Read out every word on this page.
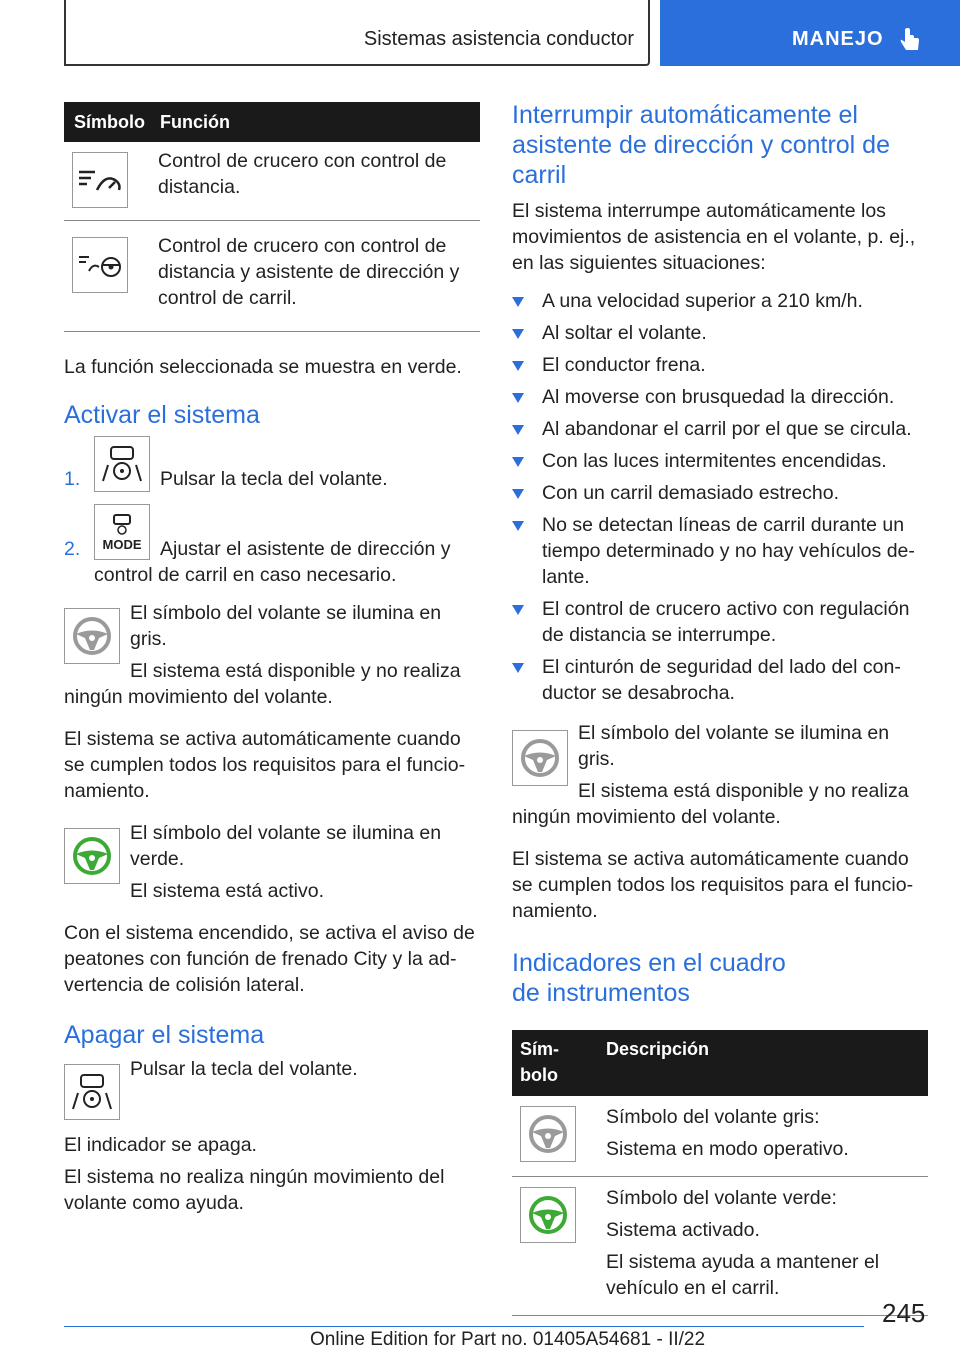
Sistemas asistencia conductor	MANEJO
Símbolo	Función

	Control de crucero con control de distancia.

	Control de crucero con control de distancia y asistente de dirección y control de carril.

La función seleccionada se muestra en verde.

Activar el sistema
1.	Pulsar la tecla del volante.
2. MODE Ajustar el asistente de dirección y control de carril en caso necesario.

El símbolo del volante se ilumina en gris.

El sistema está disponible y no realiza ningún movimiento del volante.

El sistema se activa automáticamente cuando se cumplen todos los requisitos para el funcionamiento.

El símbolo del volante se ilumina en verde.

El sistema está activo.

Con el sistema encendido, se activa el aviso de peatones con función de frenado City y la advertencia de colisión lateral.

Apagar el sistema

Pulsar la tecla del volante.

El indicador se apaga.

El sistema no realiza ningún movimiento del volante como ayuda.

Interrumpir automáticamente el asistente de dirección y control de carril

El sistema interrumpe automáticamente los movimientos de asistencia en el volante, p. ej., en las siguientes situaciones:

A una velocidad superior a 210 km/h.
Al soltar el volante.
El conductor frena.
Al moverse con brusquedad la dirección.
Al abandonar el carril por el que se circula.
Con las luces intermitentes encendidas.
Con un carril demasiado estrecho.
No se detectan líneas de carril durante un tiempo determinado y no hay vehículos delante.
El control de crucero activo con regulación de distancia se interrumpe.
El cinturón de seguridad del lado del conductor se desabrocha.

El símbolo del volante se ilumina en gris.

El sistema está disponible y no realiza ningún movimiento del volante.

El sistema se activa automáticamente cuando se cumplen todos los requisitos para el funcionamiento.

Indicadores en el cuadro de instrumentos
Símbolo	Descripción

Símbolo del volante gris:

Sistema en modo operativo.

Símbolo del volante verde:

Sistema activado.

El sistema ayuda a mantener el vehículo en el carril.

245
Online Edition for Part no. 01405A54681 - II/22
